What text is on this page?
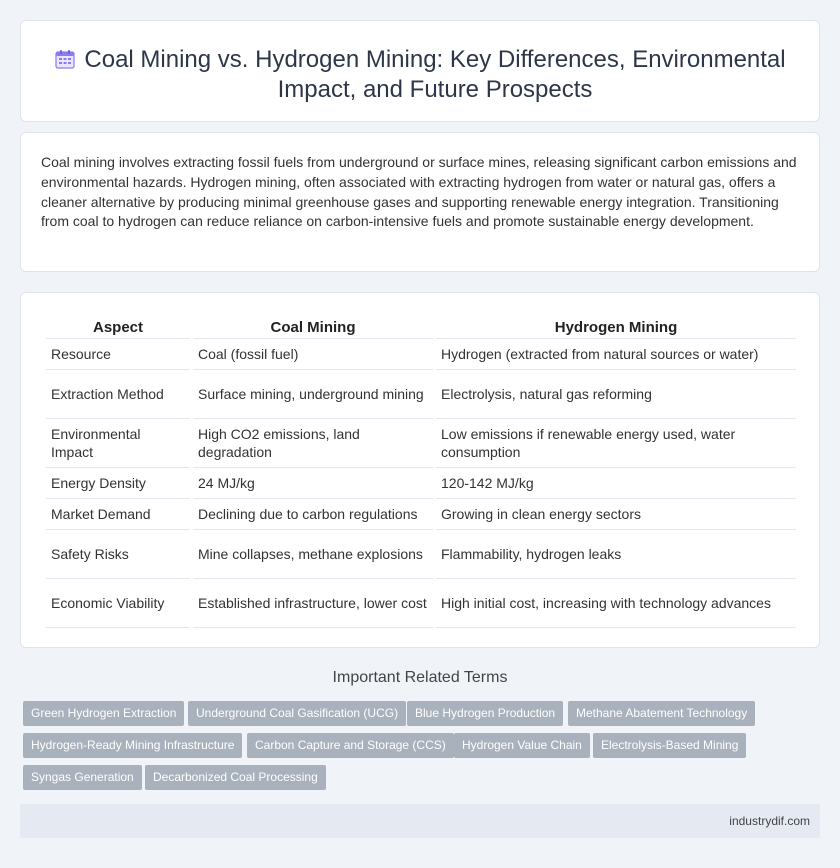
Coal Mining vs. Hydrogen Mining: Key Differences, Environmental Impact, and Future Prospects

Coal mining involves extracting fossil fuels from underground or surface mines, releasing significant carbon emissions and environmental hazards. Hydrogen mining, often associated with extracting hydrogen from water or natural gas, offers a cleaner alternative by producing minimal greenhouse gases and supporting renewable energy integration. Transitioning from coal to hydrogen can reduce reliance on carbon-intensive fuels and promote sustainable energy development.

Aspect	Coal Mining	Hydrogen Mining
Resource	Coal (fossil fuel)	Hydrogen (extracted from natural sources or water)
Extraction Method	Surface mining, underground mining	Electrolysis, natural gas reforming
Environmental Impact	High CO2 emissions, land degradation	Low emissions if renewable energy used, water consumption
Energy Density	24 MJ/kg	120-142 MJ/kg
Market Demand	Declining due to carbon regulations	Growing in clean energy sectors
Safety Risks	Mine collapses, methane explosions	Flammability, hydrogen leaks
Economic Viability	Established infrastructure, lower cost	High initial cost, increasing with technology advances
Important Related Terms
Green Hydrogen Extraction	Underground Coal Gasification (UCG)	Blue Hydrogen Production	Methane Abatement Technology
Hydrogen-Ready Mining Infrastructure	Carbon Capture and Storage (CCS)	Hydrogen Value Chain	Electrolysis-Based Mining
Syngas Generation	Decarbonized Coal Processing
industrydif.com
